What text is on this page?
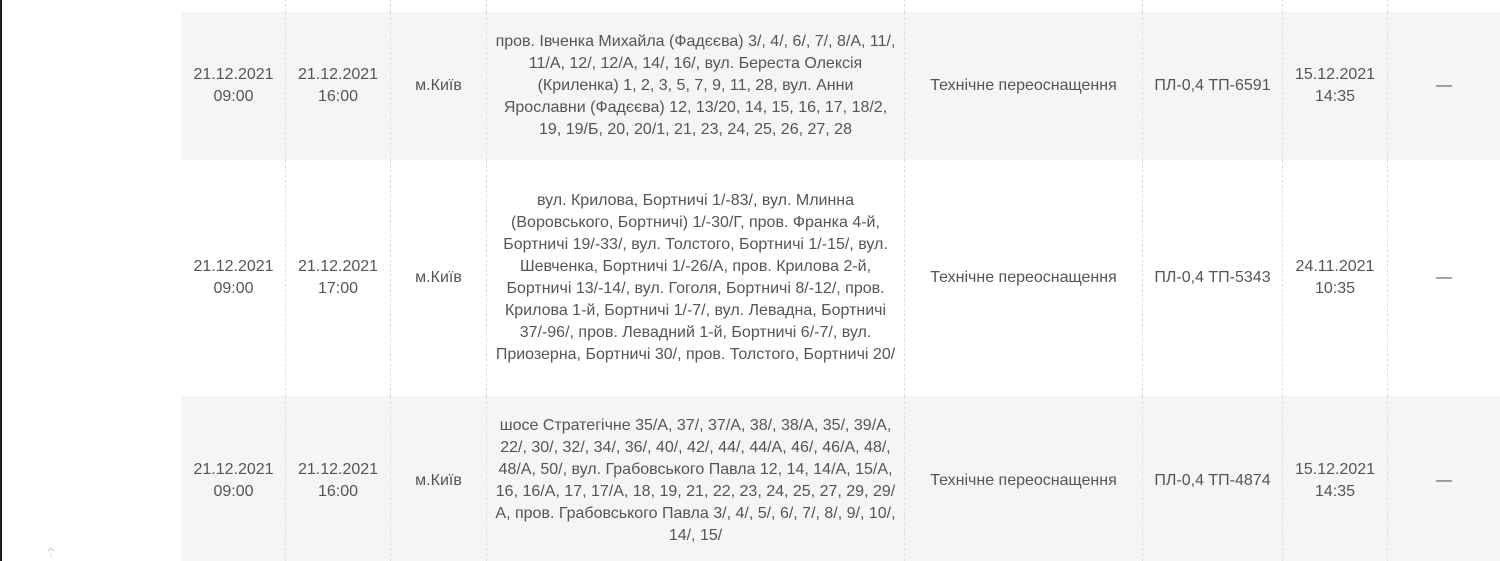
21.12.2021
09:00
21.12.2021
16:00
м.Київ
пров. Івченка Михайла (Фадєєва) 3/, 4/, 6/, 7/, 8/А, 11/, 11/А, 12/, 12/А, 14/, 16/, вул. Береста Олексія (Криленка) 1, 2, 3, 5, 7, 9, 11, 28, вул. Анни Ярославни (Фадєєва) 12, 13/20, 14, 15, 16, 17, 18/2, 19, 19/Б, 20, 20/1, 21, 23, 24, 25, 26, 27, 28
Технічне переоснащення ПЛ-0,4 ТП-6591
15.12.2021
14:35
—
21.12.2021
09:00
21.12.2021
17:00
м.Київ
вул. Крилова, Бортничі 1/-83/, вул. Млинна (Воровського, Бортничі) 1/-30/Г, пров. Франка 4-й, Бортничі 19/-33/, вул. Толстого, Бортничі 1/-15/, вул. Шевченка, Бортничі 1/-26/А, пров. Крилова 2-й, Бортничі 13/-14/, вул. Гоголя, Бортничі 8/-12/, пров. Крилова 1-й, Бортничі 1/-7/, вул. Левадна, Бортничі 37/-96/, пров. Левадний 1-й, Бортничі 6/-7/, вул. Приозерна, Бортничі 30/, пров. Толстого, Бортничі 20/
Технічне переоснащення ПЛ-0,4 ТП-5343
24.11.2021
10:35
—
21.12.2021
09:00
21.12.2021
16:00
м.Київ
шосе Стратегічне 35/А, 37/, 37/А, 38/, 38/А, 35/, 39/А, 22/, 30/, 32/, 34/, 36/, 40/, 42/, 44/, 44/А, 46/, 46/А, 48/, 48/А, 50/, вул. Грабовського Павла 12, 14, 14/А, 15/А, 16, 16/А, 17, 17/А, 18, 19, 21, 22, 23, 24, 25, 27, 29, 29/А, пров. Грабовського Павла 3/, 4/, 5/, 6/, 7/, 8/, 9/, 10/, 14/, 15/
Технічне переоснащення ПЛ-0,4 ТП-4874
15.12.2021
14:35
—
